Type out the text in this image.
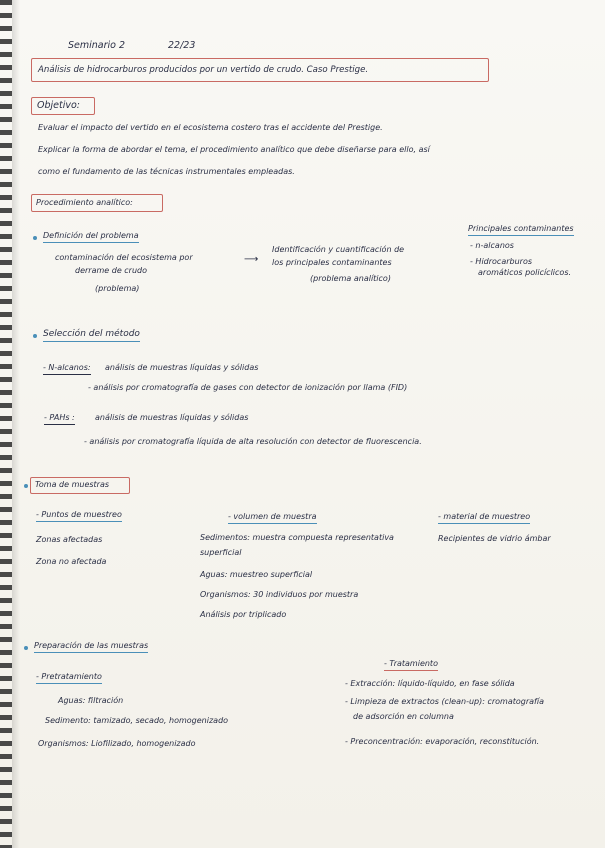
Seminario 2	22/23
Análisis de hidrocarburos producidos por un vertido de crudo. Caso Prestige.
Objetivo:
Evaluar el impacto del vertido en el ecosistema costero tras el accidente del Prestige.
Explicar la forma de abordar el tema, el procedimiento analítico que debe diseñarse para ello, así
como el fundamento de las técnicas instrumentales empleadas.
Procedimiento analítico:
Definición del problema
contaminación del ecosistema por
derrame de crudo
(problema)
⟶
Identificación y cuantificación de
los principales contaminantes
(problema analítico)
Principales contaminantes
- n-alcanos
- Hidrocarburos
aromáticos policíclicos.
Selección del método
- N-alcanos: análisis de muestras líquidas y sólidas
- análisis por cromatografía de gases con detector de ionización por llama (FID)
- PAHs :	análisis de muestras líquidas y sólidas
- análisis por cromatografía líquida de alta resolución con detector de fluorescencia.
Toma de muestras
- Puntos de muestreo
Zonas afectadas
Zona no afectada
- volumen de muestra
Sedimentos: muestra compuesta representativa
superficial
Aguas: muestreo superficial
Organismos: 30 individuos por muestra
Análisis por triplicado
- material de muestreo
Recipientes de vidrio ámbar
Preparación de las muestras
- Pretratamiento
Aguas: filtración
Sedimento: tamizado, secado, homogenizado
Organismos: Liofilizado, homogenizado
- Tratamiento
- Extracción: líquido-líquido, en fase sólida
- Limpieza de extractos (clean-up): cromatografía
de adsorción en columna
- Preconcentración: evaporación, reconstitución.
